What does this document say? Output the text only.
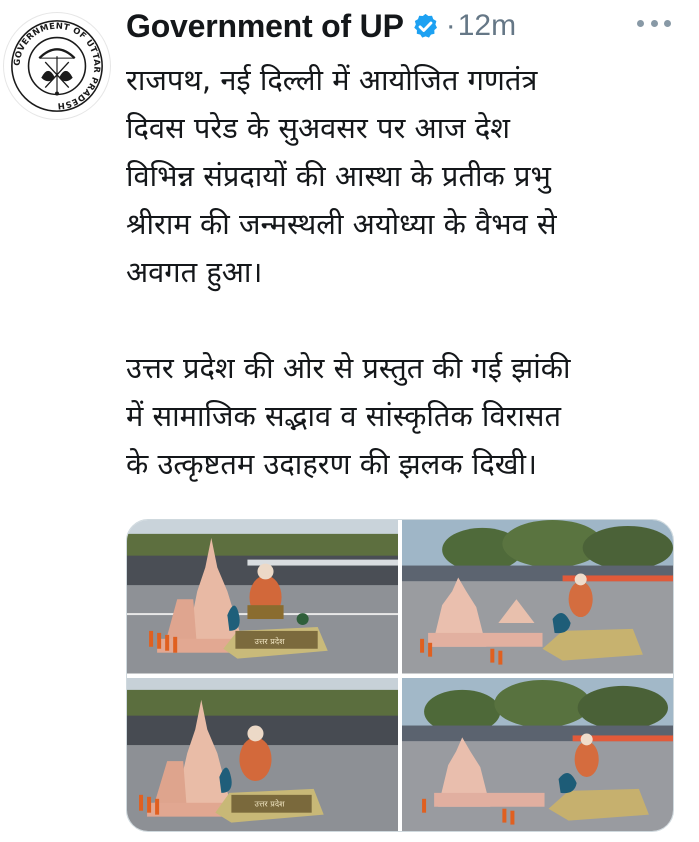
GOVERNMENT OF UTTAR PRADESH
Government of UP · 12m

राजपथ, नई दिल्ली में आयोजित गणतंत्र

दिवस परेड के सुअवसर पर आज देश

विभिन्न संप्रदायों की आस्था के प्रतीक प्रभु

श्रीराम की जन्मस्थली अयोध्या के वैभव से

अवगत हुआ।

उत्तर प्रदेश की ओर से प्रस्तुत की गई झांकी

में सामाजिक सद्भाव व सांस्कृतिक विरासत

के उत्कृष्टतम उदाहरण की झलक दिखी।

उत्तर प्रदेश
उत्तर प्रदेश
